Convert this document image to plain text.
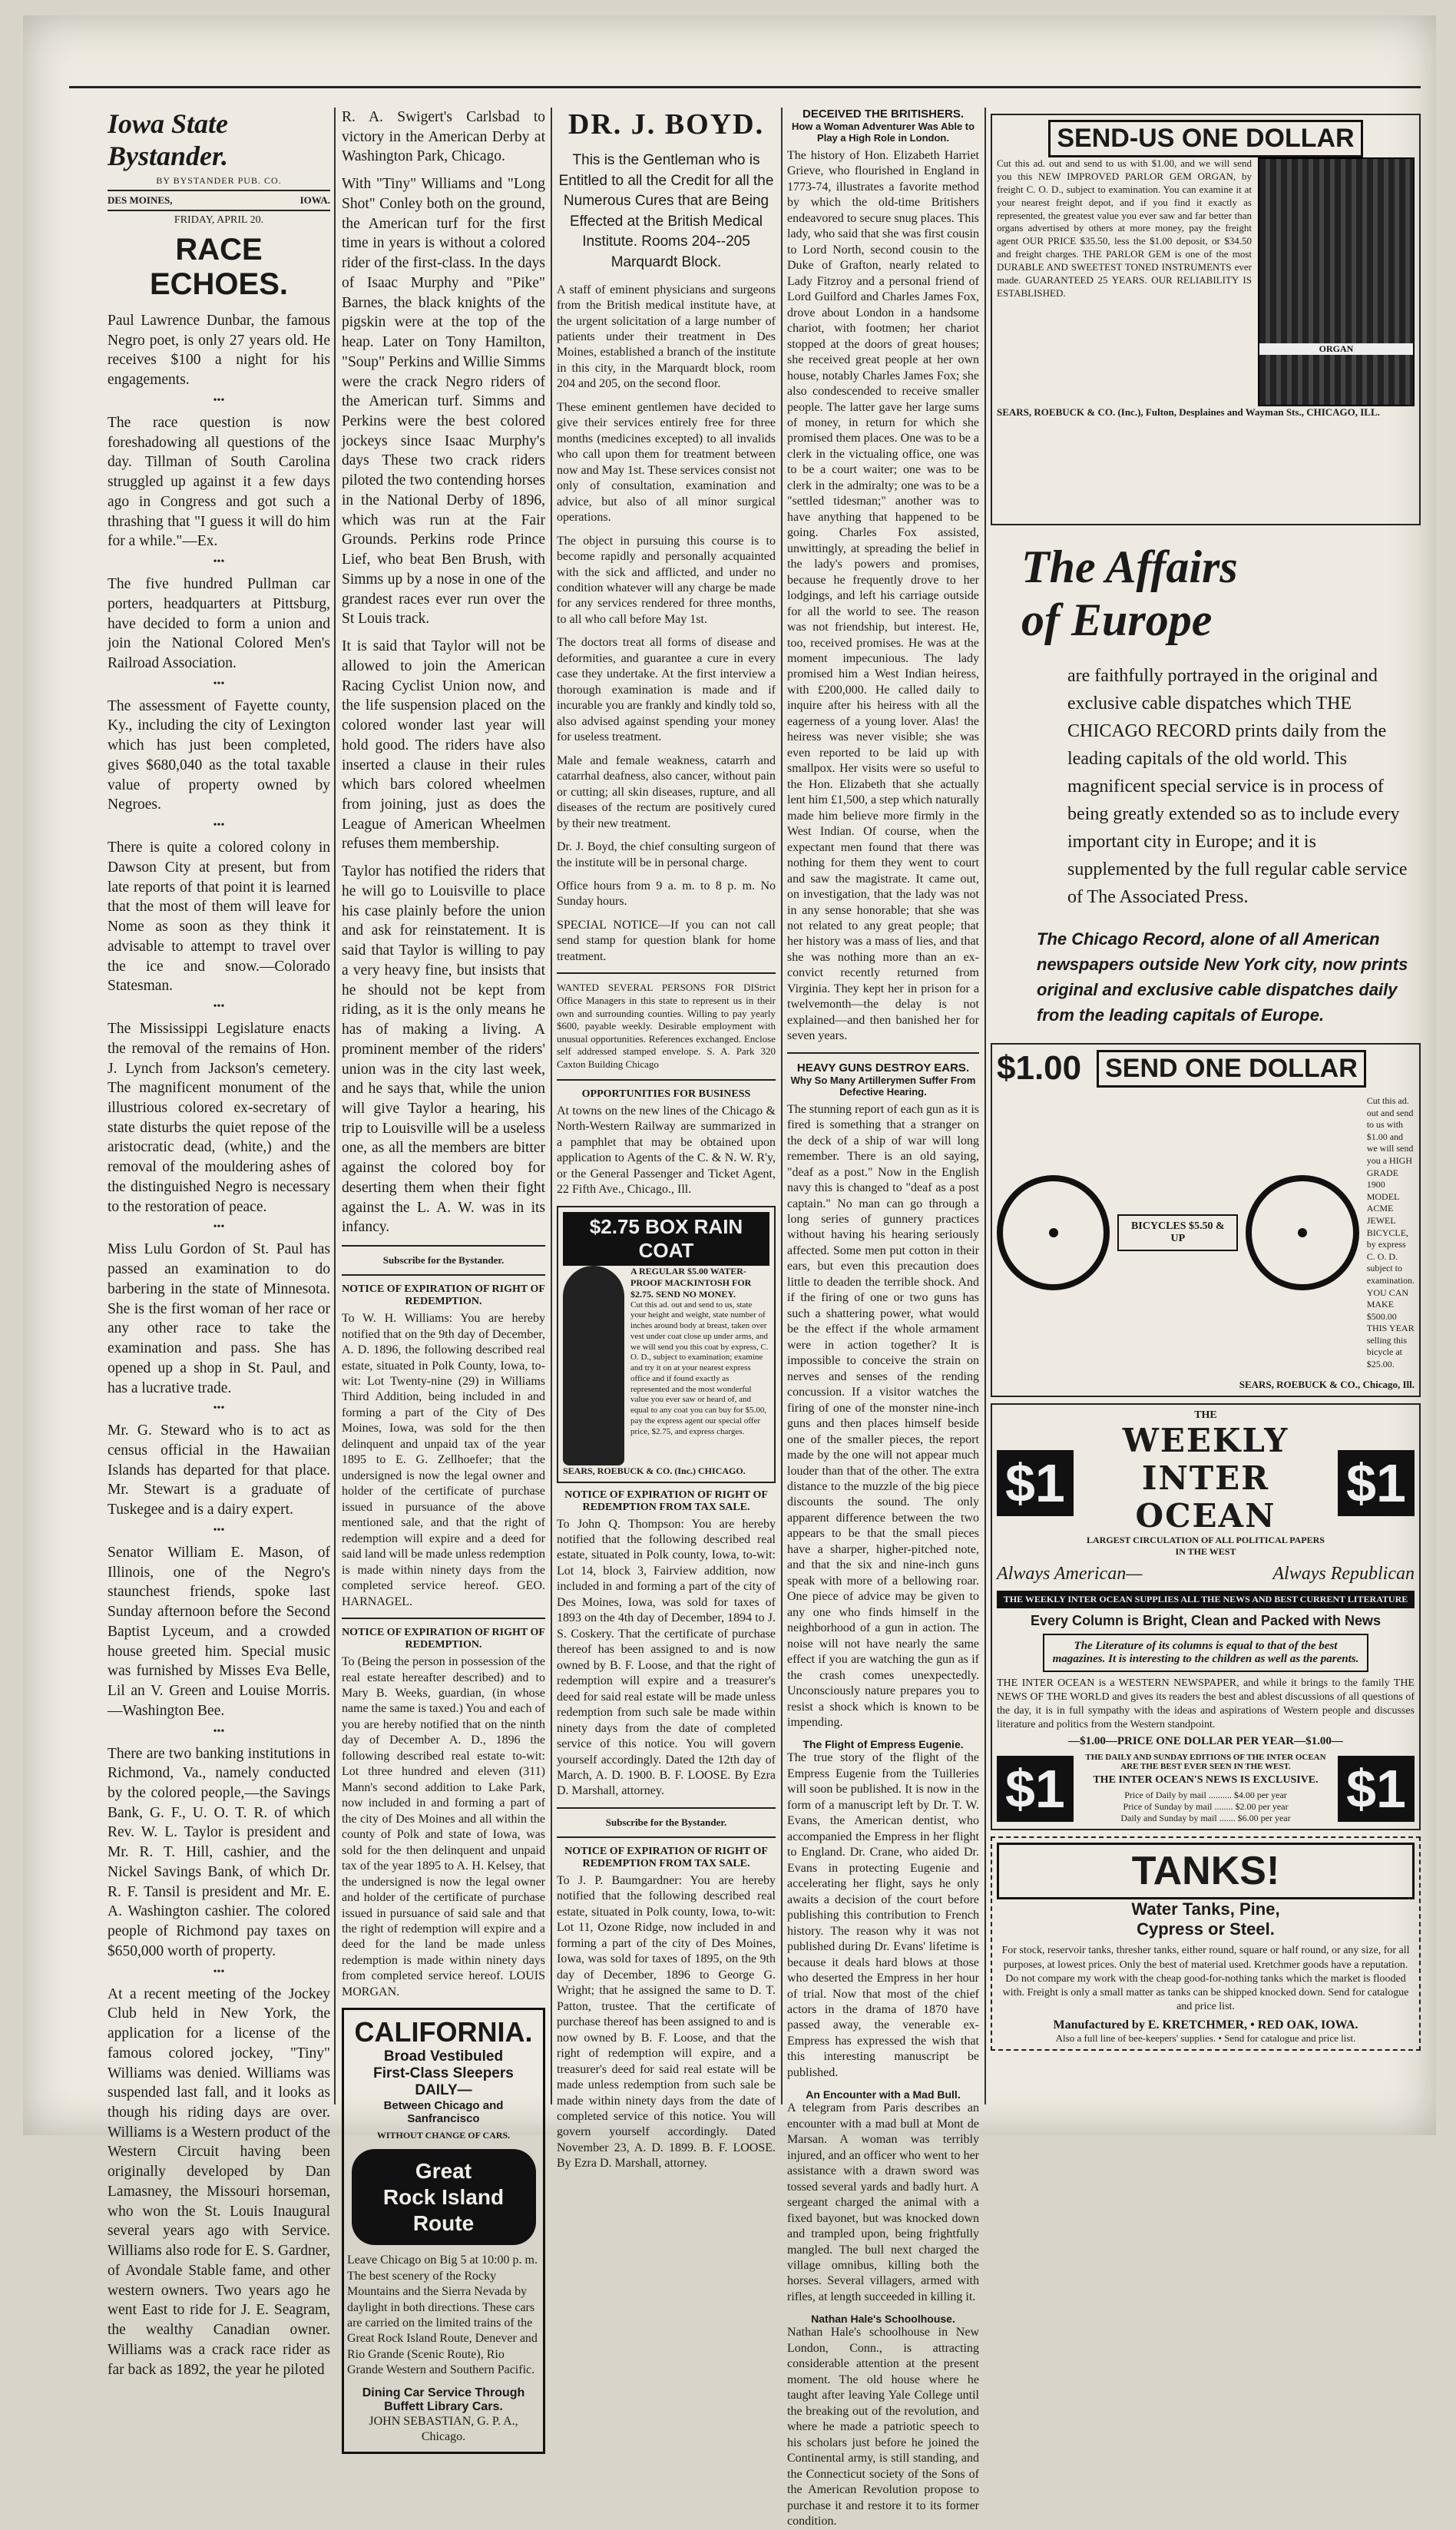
Iowa State Bystander.
BY BYSTANDER PUB. CO.
DES MOINES,	IOWA.
FRIDAY, APRIL 20.
RACE ECHOES.

Paul Lawrence Dunbar, the famous Negro poet, is only 27 years old. He receives $100 a night for his engagements.

•••

The race question is now foreshadowing all questions of the day. Tillman of South Carolina struggled up against it a few days ago in Congress and got such a thrashing that "I guess it will do him for a while."—Ex.

•••

The five hundred Pullman car porters, headquarters at Pittsburg, have decided to form a union and join the National Colored Men's Railroad Association.

•••

The assessment of Fayette county, Ky., including the city of Lexington which has just been completed, gives $680,040 as the total taxable value of property owned by Negroes.

•••

There is quite a colored colony in Dawson City at present, but from late reports of that point it is learned that the most of them will leave for Nome as soon as they think it advisable to attempt to travel over the ice and snow.—Colorado Statesman.

•••

The Mississippi Legislature enacts the removal of the remains of Hon. J. Lynch from Jackson's cemetery. The magnificent monument of the illustrious colored ex-secretary of state disturbs the quiet repose of the aristocratic dead, (white,) and the removal of the mouldering ashes of the distinguished Negro is necessary to the restoration of peace.

•••

Miss Lulu Gordon of St. Paul has passed an examination to do barbering in the state of Minnesota. She is the first woman of her race or any other race to take the examination and pass. She has opened up a shop in St. Paul, and has a lucrative trade.

•••

Mr. G. Steward who is to act as census official in the Hawaiian Islands has departed for that place. Mr. Stewart is a graduate of Tuskegee and is a dairy expert.

•••

Senator William E. Mason, of Illinois, one of the Negro's staunchest friends, spoke last Sunday afternoon before the Second Baptist Lyceum, and a crowded house greeted him. Special music was furnished by Misses Eva Belle, Lil an V. Green and Louise Morris.—Washington Bee.

•••

There are two banking institutions in Richmond, Va., namely conducted by the colored people,—the Savings Bank, G. F., U. O. T. R. of which Rev. W. L. Taylor is president and Mr. R. T. Hill, cashier, and the Nickel Savings Bank, of which Dr. R. F. Tansil is president and Mr. E. A. Washington cashier. The colored people of Richmond pay taxes on $650,000 worth of property.

•••

At a recent meeting of the Jockey Club held in New York, the application for a license of the famous colored jockey, "Tiny" Williams was denied. Williams was suspended last fall, and it looks as though his riding days are over. Williams is a Western product of the Western Circuit having been originally developed by Dan Lamasney, the Missouri horseman, who won the St. Louis Inaugural several years ago with Service. Williams also rode for E. S. Gardner, of Avondale Stable fame, and other western owners. Two years ago he went East to ride for J. E. Seagram, the wealthy Canadian owner. Williams was a crack race rider as far back as 1892, the year he piloted

R. A. Swigert's Carlsbad to victory in the American Derby at Washington Park, Chicago.

With "Tiny" Williams and "Long Shot" Conley both on the ground, the American turf for the first time in years is without a colored rider of the first-class. In the days of Isaac Murphy and "Pike" Barnes, the black knights of the pigskin were at the top of the heap. Later on Tony Hamilton, "Soup" Perkins and Willie Simms were the crack Negro riders of the American turf. Simms and Perkins were the best colored jockeys since Isaac Murphy's days These two crack riders piloted the two contending horses in the National Derby of 1896, which was run at the Fair Grounds. Perkins rode Prince Lief, who beat Ben Brush, with Simms up by a nose in one of the grandest races ever run over the St Louis track.

It is said that Taylor will not be allowed to join the American Racing Cyclist Union now, and the life suspension placed on the colored wonder last year will hold good. The riders have also inserted a clause in their rules which bars colored wheelmen from joining, just as does the League of American Wheelmen refuses them membership.

Taylor has notified the riders that he will go to Louisville to place his case plainly before the union and ask for reinstatement. It is said that Taylor is willing to pay a very heavy fine, but insists that he should not be kept from riding, as it is the only means he has of making a living. A prominent member of the riders' union was in the city last week, and he says that, while the union will give Taylor a hearing, his trip to Louisville will be a useless one, as all the members are bitter against the colored boy for deserting them when their fight against the L. A. W. was in its infancy.

Subscribe for the Bystander.
NOTICE OF EXPIRATION OF RIGHT OF REDEMPTION.

To W. H. Williams: You are hereby notified that on the 9th day of December, A. D. 1896, the following described real estate, situated in Polk County, Iowa, to-wit: Lot Twenty-nine (29) in Williams Third Addition, being included in and forming a part of the City of Des Moines, Iowa, was sold for the then delinquent and unpaid tax of the year 1895 to E. G. Zellhoefer; that the undersigned is now the legal owner and holder of the certificate of purchase issued in pursuance of the above mentioned sale, and that the right of redemption will expire and a deed for said land will be made unless redemption is made within ninety days from the completed service hereof. GEO. HARNAGEL.

NOTICE OF EXPIRATION OF RIGHT OF REDEMPTION.

To (Being the person in possession of the real estate hereafter described) and to Mary B. Weeks, guardian, (in whose name the same is taxed.) You and each of you are hereby notified that on the ninth day of December A. D., 1896 the following described real estate to-wit: Lot three hundred and eleven (311) Mann's second addition to Lake Park, now included in and forming a part of the city of Des Moines and all within the county of Polk and state of Iowa, was sold for the then delinquent and unpaid tax of the year 1895 to A. H. Kelsey, that the undersigned is now the legal owner and holder of the certificate of purchase issued in pursuance of said sale and that the right of redemption will expire and a deed for the land be made unless redemption is made within ninety days from completed service hereof. LOUIS MORGAN.

CALIFORNIA.
Broad Vestibuled
First-Class Sleepers
DAILY—
Between Chicago and Sanfrancisco
WITHOUT CHANGE OF CARS.
Great
Rock Island
Route

Leave Chicago on Big 5 at 10:00 p. m. The best scenery of the Rocky Mountains and the Sierra Nevada by daylight in both directions. These cars are carried on the limited trains of the Great Rock Island Route, Denever and Rio Grande (Scenic Route), Rio Grande Western and Southern Pacific.

Dining Car Service Through Buffett Library Cars.
JOHN SEBASTIAN, G. P. A., Chicago.
DR. J. BOYD.
This is the Gentleman who is Entitled to all the Credit for all the Numerous Cures that are Being Effected at the British Medical Institute. Rooms 204--205 Marquardt Block.

A staff of eminent physicians and surgeons from the British medical institute have, at the urgent solicitation of a large number of patients under their treatment in Des Moines, established a branch of the institute in this city, in the Marquardt block, room 204 and 205, on the second floor.

These eminent gentlemen have decided to give their services entirely free for three months (medicines excepted) to all invalids who call upon them for treatment between now and May 1st. These services consist not only of consultation, examination and advice, but also of all minor surgical operations.

The object in pursuing this course is to become rapidly and personally acquainted with the sick and afflicted, and under no condition whatever will any charge be made for any services rendered for three months, to all who call before May 1st.

The doctors treat all forms of disease and deformities, and guarantee a cure in every case they undertake. At the first interview a thorough examination is made and if incurable you are frankly and kindly told so, also advised against spending your money for useless treatment.

Male and female weakness, catarrh and catarrhal deafness, also cancer, without pain or cutting; all skin diseases, rupture, and all diseases of the rectum are positively cured by their new treatment.

Dr. J. Boyd, the chief consulting surgeon of the institute will be in personal charge.

Office hours from 9 a. m. to 8 p. m. No Sunday hours.

SPECIAL NOTICE—If you can not call send stamp for question blank for home treatment.

WANTED SEVERAL PERSONS FOR DIStrict Office Managers in this state to represent us in their own and surrounding counties. Willing to pay yearly $600, payable weekly. Desirable employment with unusual opportunities. References exchanged. Enclose self addressed stamped envelope. S. A. Park 320 Caxton Building Chicago

OPPORTUNITIES FOR BUSINESS

At towns on the new lines of the Chicago & North-Western Railway are summarized in a pamphlet that may be obtained upon application to Agents of the C. & N. W. R'y, or the General Passenger and Ticket Agent, 22 Fifth Ave., Chicago., Ill.

$2.75 BOX RAIN COAT
A REGULAR $5.00 WATER-PROOF MACKINTOSH FOR $2.75. SEND NO MONEY.
Cut this ad. out and send to us, state your height and weight, state number of inches around body at breast, taken over vest under coat close up under arms, and we will send you this coat by express, C. O. D., subject to examination; examine and try it on at your nearest express office and if found exactly as represented and the most wonderful value you ever saw or heard of, and equal to any coat you can buy for $5.00, pay the express agent our special offer price, $2.75, and express charges.
SEARS, ROEBUCK & CO. (Inc.) CHICAGO.
NOTICE OF EXPIRATION OF RIGHT OF REDEMPTION FROM TAX SALE.

To John Q. Thompson: You are hereby notified that the following described real estate, situated in Polk county, Iowa, to-wit: Lot 14, block 3, Fairview addition, now included in and forming a part of the city of Des Moines, Iowa, was sold for taxes of 1893 on the 4th day of December, 1894 to J. S. Coskery. That the certificate of purchase thereof has been assigned to and is now owned by B. F. Loose, and that the right of redemption will expire and a treasurer's deed for said real estate will be made unless redemption from such sale be made within ninety days from the date of completed service of this notice. You will govern yourself accordingly. Dated the 12th day of March, A. D. 1900. B. F. LOOSE. By Ezra D. Marshall, attorney.

Subscribe for the Bystander.
NOTICE OF EXPIRATION OF RIGHT OF REDEMPTION FROM TAX SALE.

To J. P. Baumgardner: You are hereby notified that the following described real estate, situated in Polk county, Iowa, to-wit: Lot 11, Ozone Ridge, now included in and forming a part of the city of Des Moines, Iowa, was sold for taxes of 1895, on the 9th day of December, 1896 to George G. Wright; that he assigned the same to D. T. Patton, trustee. That the certificate of purchase thereof has been assigned to and is now owned by B. F. Loose, and that the right of redemption will expire, and a treasurer's deed for said real estate will be made unless redemption from such sale be made within ninety days from the date of completed service of this notice. You will govern yourself accordingly. Dated November 23, A. D. 1899. B. F. LOOSE. By Ezra D. Marshall, attorney.

DECEIVED THE BRITISHERS.
How a Woman Adventurer Was Able to Play a High Role in London.

The history of Hon. Elizabeth Harriet Grieve, who flourished in England in 1773-74, illustrates a favorite method by which the old-time Britishers endeavored to secure snug places. This lady, who said that she was first cousin to Lord North, second cousin to the Duke of Grafton, nearly related to Lady Fitzroy and a personal friend of Lord Guilford and Charles James Fox, drove about London in a handsome chariot, with footmen; her chariot stopped at the doors of great houses; she received great people at her own house, notably Charles James Fox; she also condescended to receive smaller people. The latter gave her large sums of money, in return for which she promised them places. One was to be a clerk in the victualing office, one was to be a court waiter; one was to be clerk in the admiralty; one was to be a "settled tidesman;" another was to have anything that happened to be going. Charles Fox assisted, unwittingly, at spreading the belief in the lady's powers and promises, because he frequently drove to her lodgings, and left his carriage outside for all the world to see. The reason was not friendship, but interest. He, too, received promises. He was at the moment impecunious. The lady promised him a West Indian heiress, with £200,000. He called daily to inquire after his heiress with all the eagerness of a young lover. Alas! the heiress was never visible; she was even reported to be laid up with smallpox. Her visits were so useful to the Hon. Elizabeth that she actually lent him £1,500, a step which naturally made him believe more firmly in the West Indian. Of course, when the expectant men found that there was nothing for them they went to court and saw the magistrate. It came out, on investigation, that the lady was not in any sense honorable; that she was not related to any great people; that her history was a mass of lies, and that she was nothing more than an ex-convict recently returned from Virginia. They kept her in prison for a twelvemonth—the delay is not explained—and then banished her for seven years.

HEAVY GUNS DESTROY EARS.
Why So Many Artillerymen Suffer From Defective Hearing.

The stunning report of each gun as it is fired is something that a stranger on the deck of a ship of war will long remember. There is an old saying, "deaf as a post." Now in the English navy this is changed to "deaf as a post captain." No man can go through a long series of gunnery practices without having his hearing seriously affected. Some men put cotton in their ears, but even this precaution does little to deaden the terrible shock. And if the firing of one or two guns has such a shattering power, what would be the effect if the whole armament were in action together? It is impossible to conceive the strain on nerves and senses of the rending concussion. If a visitor watches the firing of one of the monster nine-inch guns and then places himself beside one of the smaller pieces, the report made by the one will not appear much louder than that of the other. The extra distance to the muzzle of the big piece discounts the sound. The only apparent difference between the two appears to be that the small pieces have a sharper, higher-pitched note, and that the six and nine-inch guns speak with more of a bellowing roar. One piece of advice may be given to any one who finds himself in the neighborhood of a gun in action. The noise will not have nearly the same effect if you are watching the gun as if the crash comes unexpectedly. Unconsciously nature prepares you to resist a shock which is known to be impending.

The Flight of Empress Eugenie.

The true story of the flight of the Empress Eugenie from the Tuilleries will soon be published. It is now in the form of a manuscript left by Dr. T. W. Evans, the American dentist, who accompanied the Empress in her flight to England. Dr. Crane, who aided Dr. Evans in protecting Eugenie and accelerating her flight, says he only awaits a decision of the court before publishing this contribution to French history. The reason why it was not published during Dr. Evans' lifetime is because it deals hard blows at those who deserted the Empress in her hour of trial. Now that most of the chief actors in the drama of 1870 have passed away, the venerable ex-Empress has expressed the wish that this interesting manuscript be published.

An Encounter with a Mad Bull.

A telegram from Paris describes an encounter with a mad bull at Mont de Marsan. A woman was terribly injured, and an officer who went to her assistance with a drawn sword was tossed several yards and badly hurt. A sergeant charged the animal with a fixed bayonet, but was knocked down and trampled upon, being frightfully mangled. The bull next charged the village omnibus, killing both the horses. Several villagers, armed with rifles, at length succeeded in killing it.

Nathan Hale's Schoolhouse.

Nathan Hale's schoolhouse in New London, Conn., is attracting considerable attention at the present moment. The old house where he taught after leaving Yale College until the breaking out of the revolution, and where he made a patriotic speech to his scholars just before he joined the Continental army, is still standing, and the Connecticut society of the Sons of the American Revolution propose to purchase it and restore it to its former condition.

SEND-US ONE DOLLAR
ORGAN
Cut this ad. out and send to us with $1.00, and we will send you this NEW IMPROVED PARLOR GEM ORGAN, by freight C. O. D., subject to examination. You can examine it at your nearest freight depot, and if you find it exactly as represented, the greatest value you ever saw and far better than organs advertised by others at more money, pay the freight agent OUR PRICE $35.50, less the $1.00 deposit, or $34.50 and freight charges. THE PARLOR GEM is one of the most DURABLE AND SWEETEST TONED INSTRUMENTS ever made. GUARANTEED 25 YEARS. OUR RELIABILITY IS ESTABLISHED.
SEARS, ROEBUCK & CO. (Inc.), Fulton, Desplaines and Wayman Sts., CHICAGO, ILL.
The Affairs
of Europe
are faithfully portrayed in the original and exclusive cable dispatches which THE CHICAGO RECORD prints daily from the leading capitals of the old world. This magnificent special service is in process of being greatly extended so as to include every important city in Europe; and it is supplemented by the full regular cable service of The Associated Press.
The Chicago Record, alone of all American newspapers outside New York city, now prints original and exclusive cable dispatches daily from the leading capitals of Europe.
$1.00 SEND ONE DOLLAR
BICYCLES $5.50 & UP
Cut this ad. out and send to us with $1.00 and we will send you a HIGH GRADE 1900 MODEL ACME JEWEL BICYCLE, by express C. O. D. subject to examination. YOU CAN MAKE $500.00 THIS YEAR selling this bicycle at $25.00.
SEARS, ROEBUCK & CO., Chicago, Ill.
$1
THE
WEEKLY INTER OCEAN
LARGEST CIRCULATION OF ALL POLITICAL PAPERS IN THE WEST
$1
Always American—	Always Republican
THE WEEKLY INTER OCEAN SUPPLIES ALL THE NEWS AND BEST CURRENT LITERATURE
Every Column is Bright, Clean and Packed with News
The Literature of its columns is equal to that of the best magazines. It is interesting to the children as well as the parents.
THE INTER OCEAN is a WESTERN NEWSPAPER, and while it brings to the family THE NEWS OF THE WORLD and gives its readers the best and ablest discussions of all questions of the day, it is in full sympathy with the ideas and aspirations of Western people and discusses literature and politics from the Western standpoint.
—$1.00—PRICE ONE DOLLAR PER YEAR—$1.00—
$1
THE DAILY AND SUNDAY EDITIONS OF THE INTER OCEAN ARE THE BEST EVER SEEN IN THE WEST.
THE INTER OCEAN'S NEWS IS EXCLUSIVE.
Price of Daily by mail .......... $4.00 per year
Price of Sunday by mail ........ $2.00 per year
Daily and Sunday by mail ....... $6.00 per year	$1
TANKS!
Water Tanks, Pine,
Cypress or Steel.
For stock, reservoir tanks, thresher tanks, either round, square or half round, or any size, for all purposes, at lowest prices. Only the best of material used. Kretchmer goods have a reputation. Do not compare my work with the cheap good-for-nothing tanks which the market is flooded with. Freight is only a small matter as tanks can be shipped knocked down. Send for catalogue and price list.
Manufactured by E. KRETCHMER, • RED OAK, IOWA.
Also a full line of bee-keepers' supplies. • Send for catalogue and price list.
